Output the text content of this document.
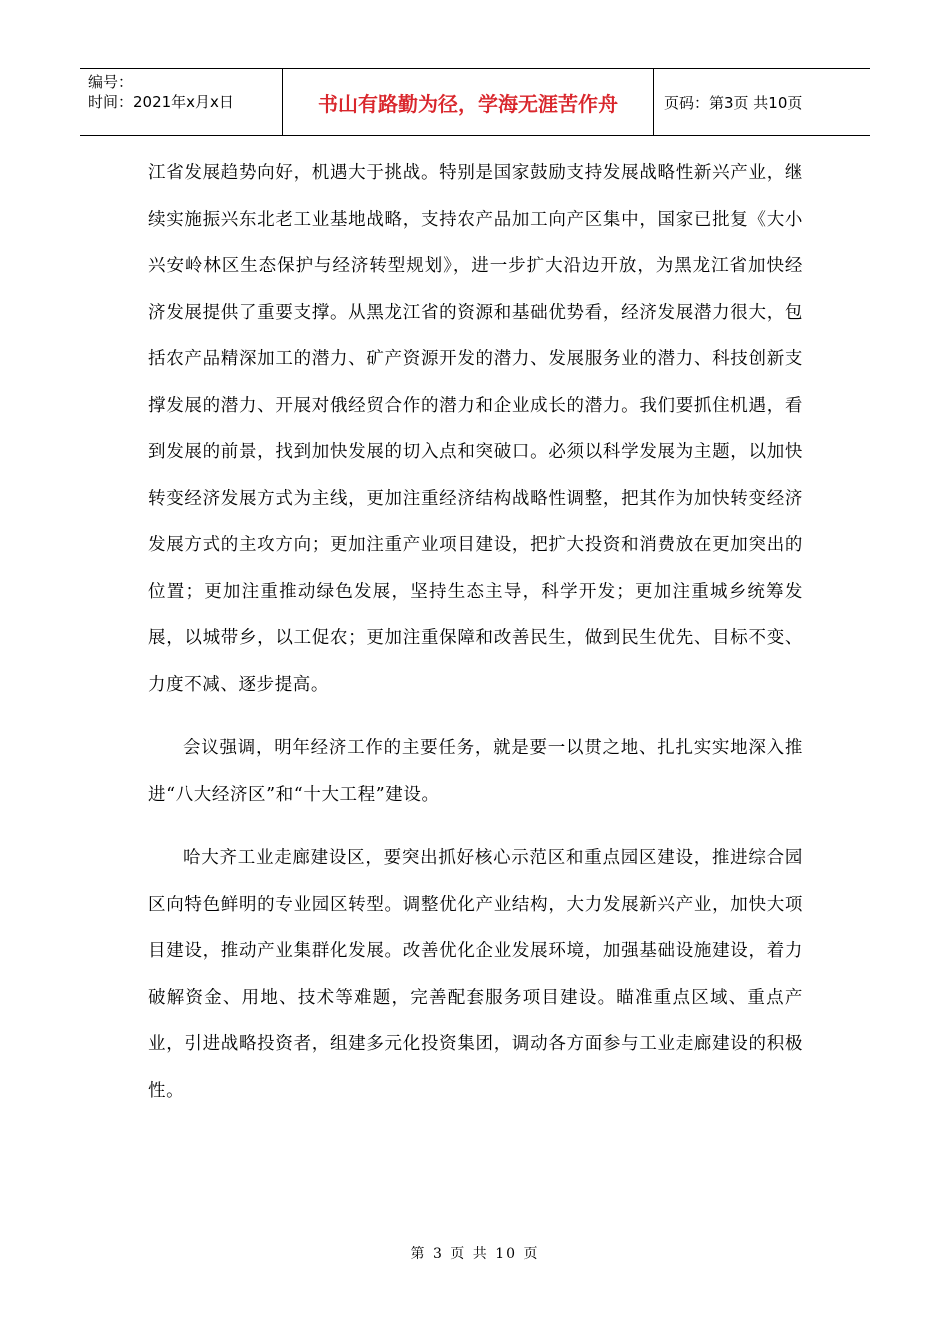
编号：
时间：2021年x月x日	书山有路勤为径，学海无涯苦作舟	页码：第3页 共10页

江省发展趋势向好，机遇大于挑战。特别是国家鼓励支持发展战略性新兴产业，继续实施振兴东北老工业基地战略，支持农产品加工向产区集中，国家已批复《大小兴安岭林区生态保护与经济转型规划》，进一步扩大沿边开放，为黑龙江省加快经济发展提供了重要支撑。从黑龙江省的资源和基础优势看，经济发展潜力很大，包括农产品精深加工的潜力、矿产资源开发的潜力、发展服务业的潜力、科技创新支撑发展的潜力、开展对俄经贸合作的潜力和企业成长的潜力。我们要抓住机遇，看到发展的前景，找到加快发展的切入点和突破口。必须以科学发展为主题，以加快转变经济发展方式为主线，更加注重经济结构战略性调整，把其作为加快转变经济发展方式的主攻方向；更加注重产业项目建设，把扩大投资和消费放在更加突出的位置；更加注重推动绿色发展，坚持生态主导，科学开发；更加注重城乡统筹发展，以城带乡，以工促农；更加注重保障和改善民生，做到民生优先、目标不变、力度不减、逐步提高。

会议强调，明年经济工作的主要任务，就是要一以贯之地、扎扎实实地深入推进“八大经济区”和“十大工程”建设。

哈大齐工业走廊建设区，要突出抓好核心示范区和重点园区建设，推进综合园区向特色鲜明的专业园区转型。调整优化产业结构，大力发展新兴产业，加快大项目建设，推动产业集群化发展。改善优化企业发展环境，加强基础设施建设，着力破解资金、用地、技术等难题，完善配套服务项目建设。瞄准重点区域、重点产业，引进战略投资者，组建多元化投资集团，调动各方面参与工业走廊建设的积极性。

第 3 页 共 10 页
